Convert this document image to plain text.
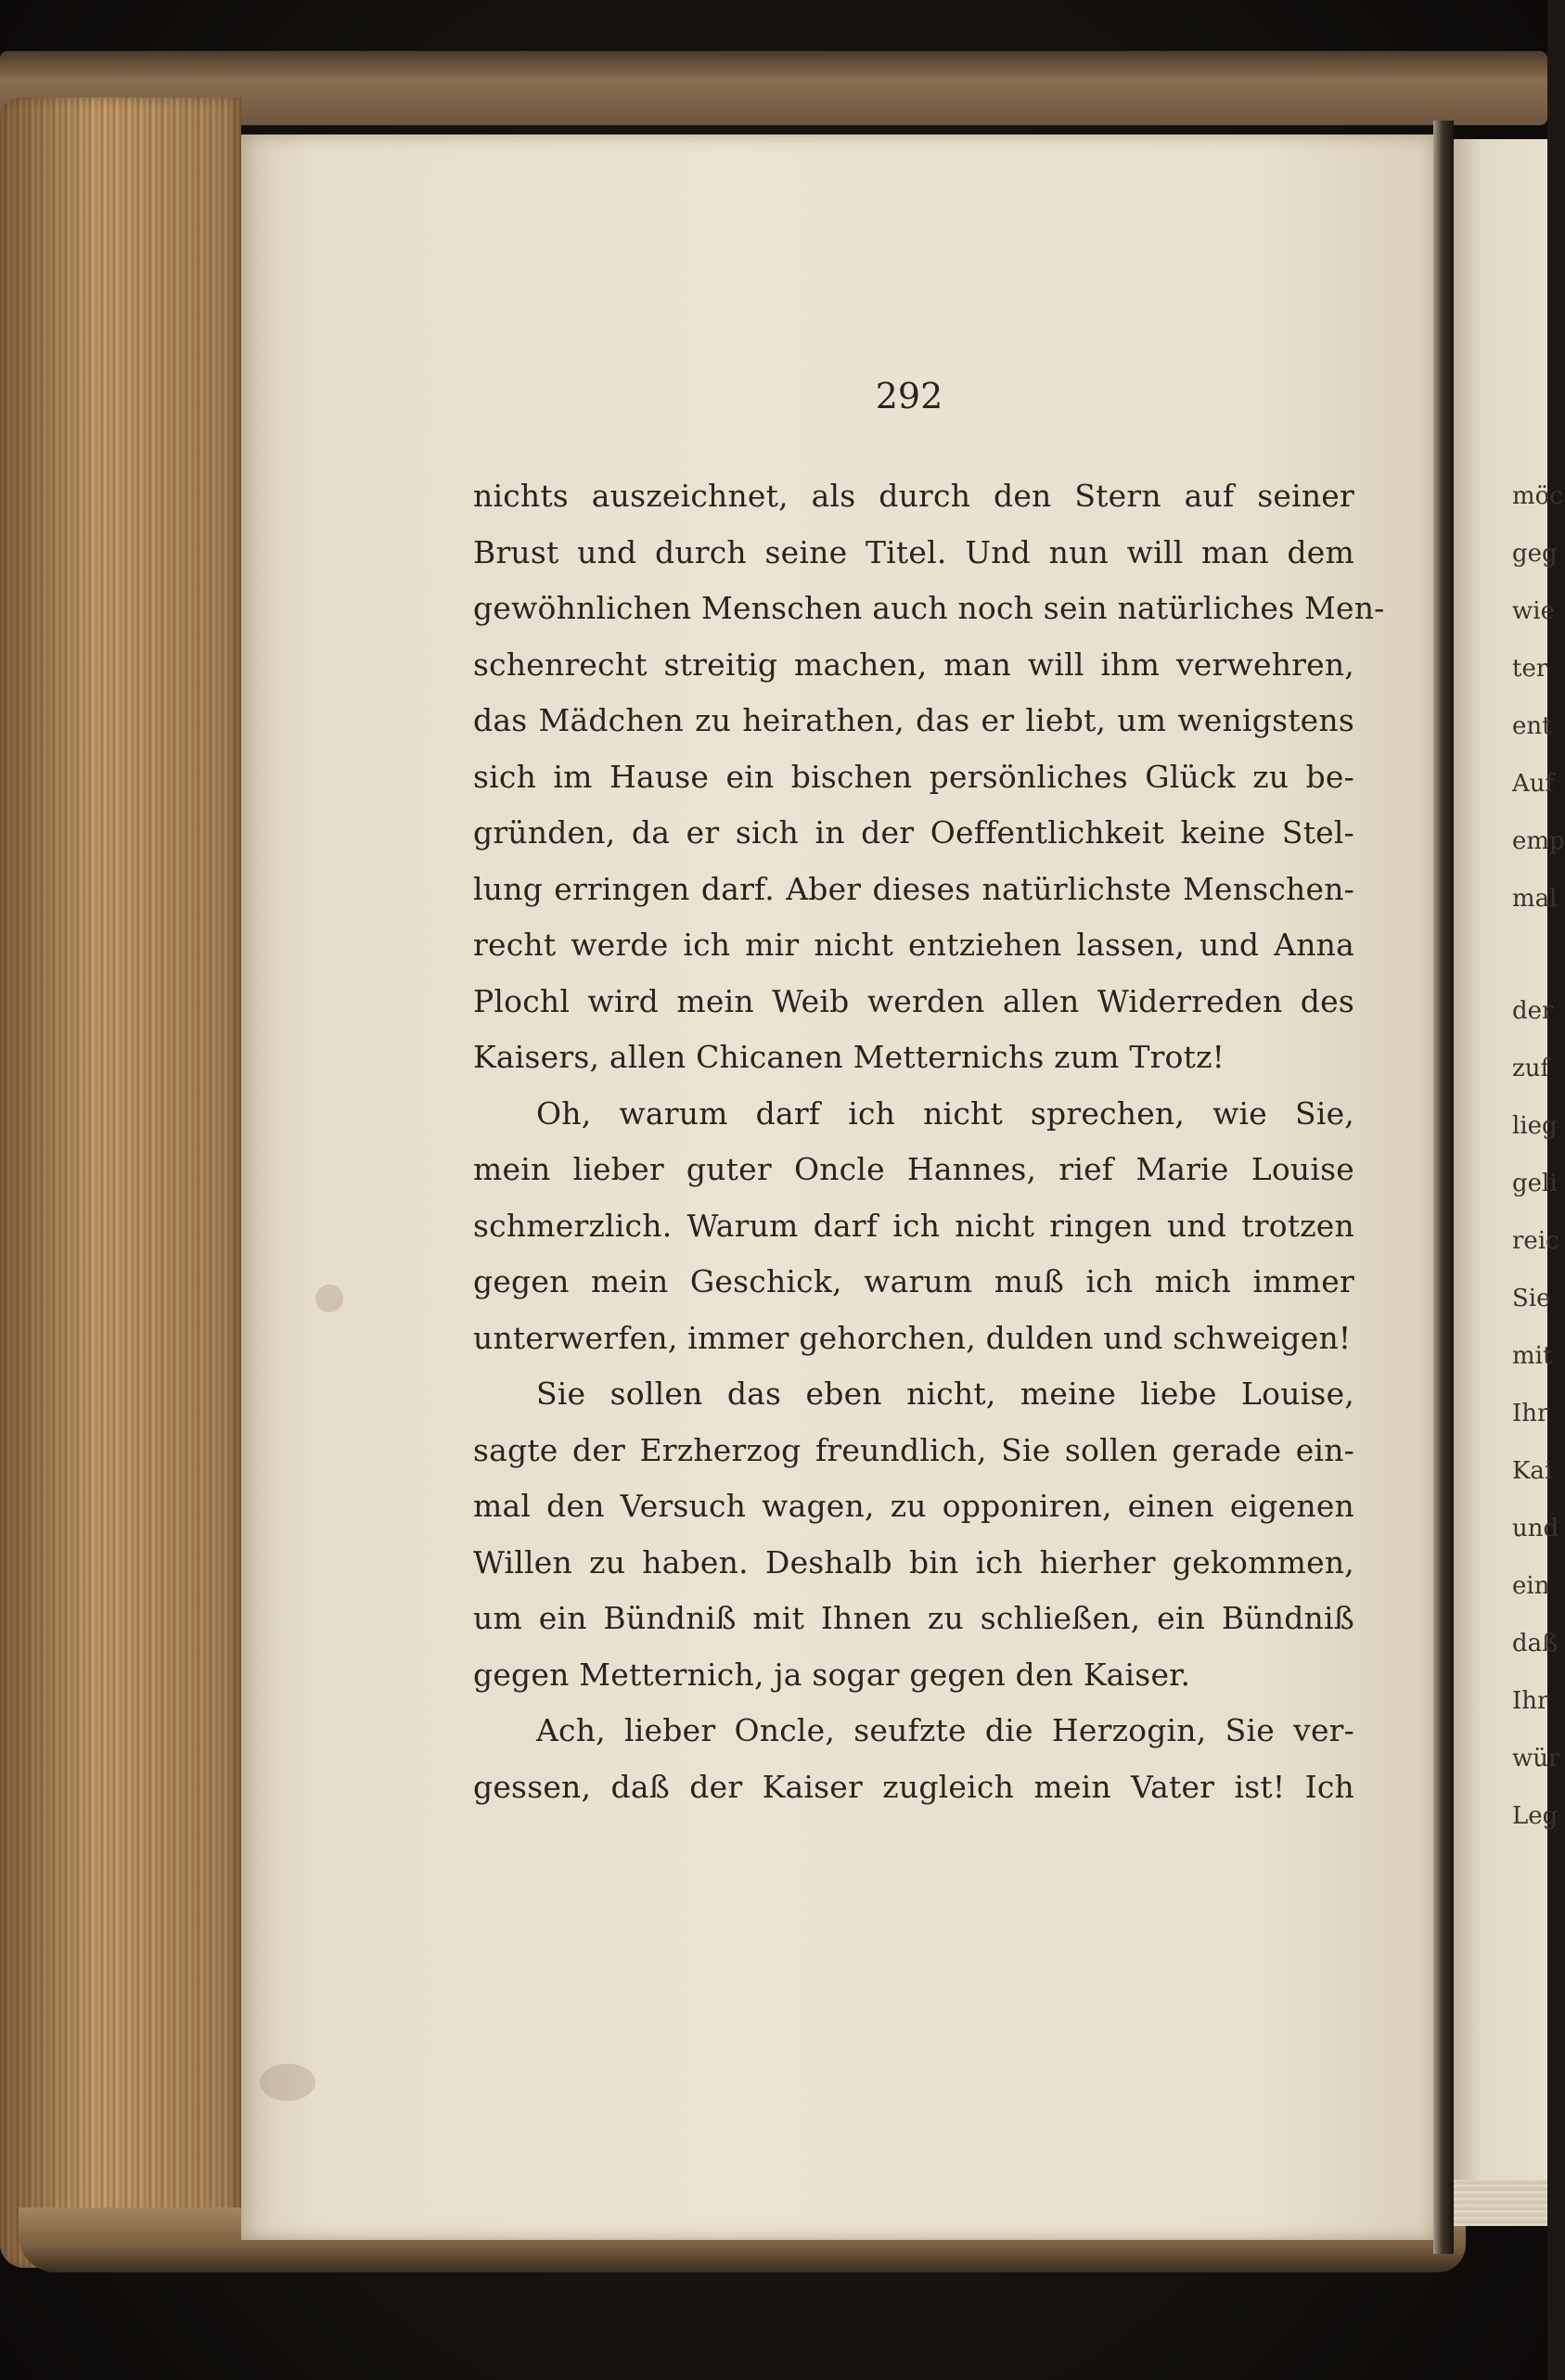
292
nichts auszeichnet, als durch den Stern auf seiner
Brust und durch seine Titel. Und nun will man dem
gewöhnlichen Menschen auch noch sein natürliches Men-
schenrecht streitig machen, man will ihm verwehren,
das Mädchen zu heirathen, das er liebt, um wenigstens
sich im Hause ein bischen persönliches Glück zu be-
gründen, da er sich in der Oeffentlichkeit keine Stel-
lung erringen darf. Aber dieses natürlichste Menschen-
recht werde ich mir nicht entziehen lassen, und Anna
Plochl wird mein Weib werden allen Widerreden des
Kaisers, allen Chicanen Metternichs zum Trotz!
Oh, warum darf ich nicht sprechen, wie Sie,
mein lieber guter Oncle Hannes, rief Marie Louise
schmerzlich. Warum darf ich nicht ringen und trotzen
gegen mein Geschick, warum muß ich mich immer
unterwerfen, immer gehorchen, dulden und schweigen!
Sie sollen das eben nicht, meine liebe Louise,
sagte der Erzherzog freundlich, Sie sollen gerade ein-
mal den Versuch wagen, zu opponiren, einen eigenen
Willen zu haben. Deshalb bin ich hierher gekommen,
um ein Bündniß mit Ihnen zu schließen, ein Bündniß
gegen Metternich, ja sogar gegen den Kaiser.
Ach, lieber Oncle, seufzte die Herzogin, Sie ver-
gessen, daß der Kaiser zugleich mein Vater ist! Ich
möc
geg
wie
ter
ent
Auf
emp
mal
der
zuf
lieg
geli
reic
Sie
mit
Ihr
Kai
und
ein
daß
Ihr
wür
Leg
